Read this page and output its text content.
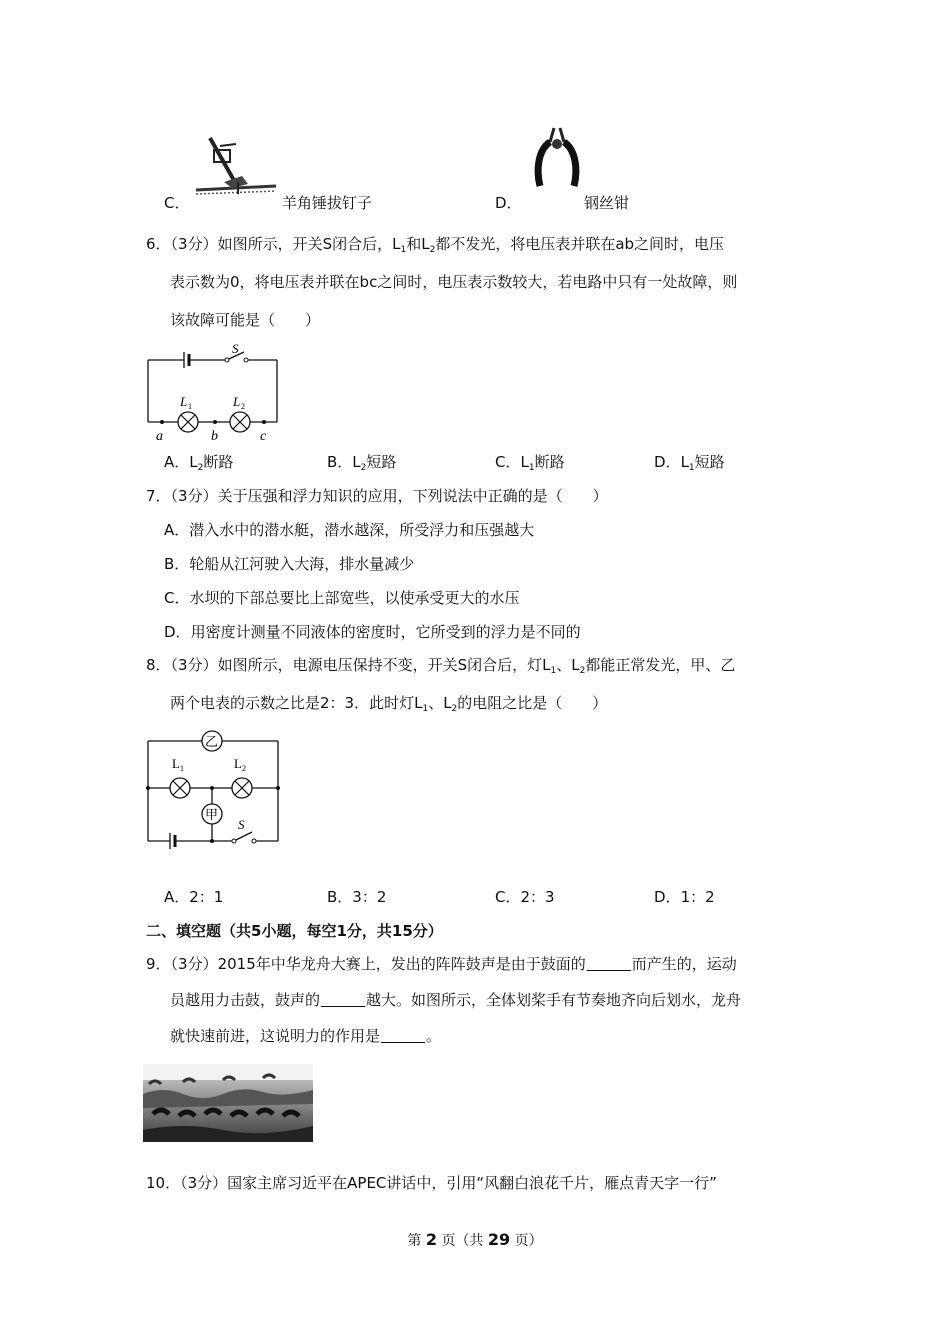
C．	羊角锤拔钉子	D．	钢丝钳
6．（3分）如图所示，开关S闭合后，$L_1$和$L_2$都不发光，将电压表并联在ab之间时，电压
表示数为0，将电压表并联在bc之间时，电压表示数较大，若电路中只有一处故障，则
该故障可能是（　　）
S
L 1	L 2
a	b	c
A．$L_2$断路	B．$L_2$短路	C．$L_1$断路	D．$L_1$短路
7．（3分）关于压强和浮力知识的应用，下列说法中正确的是（　　）
A．潜入水中的潜水艇，潜水越深，所受浮力和压强越大
B．轮船从江河驶入大海，排水量减少
C．水坝的下部总要比上部宽些，以使承受更大的水压
D．用密度计测量不同液体的密度时，它所受到的浮力是不同的
8．（3分）如图所示，电源电压保持不变，开关S闭合后，灯$L_1$、$L_2$都能正常发光，甲、乙
两个电表的示数之比是2：3．此时灯$L_1$、$L_2$的电阻之比是（　　）
乙
甲
L 1	L 2
S
A．2：1	B．3：2	C．2：3	D．1：2
二、填空题（共5小题，每空1分，共15分）
9．（3分）2015年中华龙舟大赛上，发出的阵阵鼓声是由于鼓面的	而产生的，运动
员越用力击鼓，鼓声的	越大。如图所示，全体划桨手有节奏地齐向后划水，龙舟
就快速前进，这说明力的作用是	。
10．（3分）国家主席习近平在APEC讲话中，引用“风翻白浪花千片，雁点青天字一行”
第 2 页（共 29 页）
